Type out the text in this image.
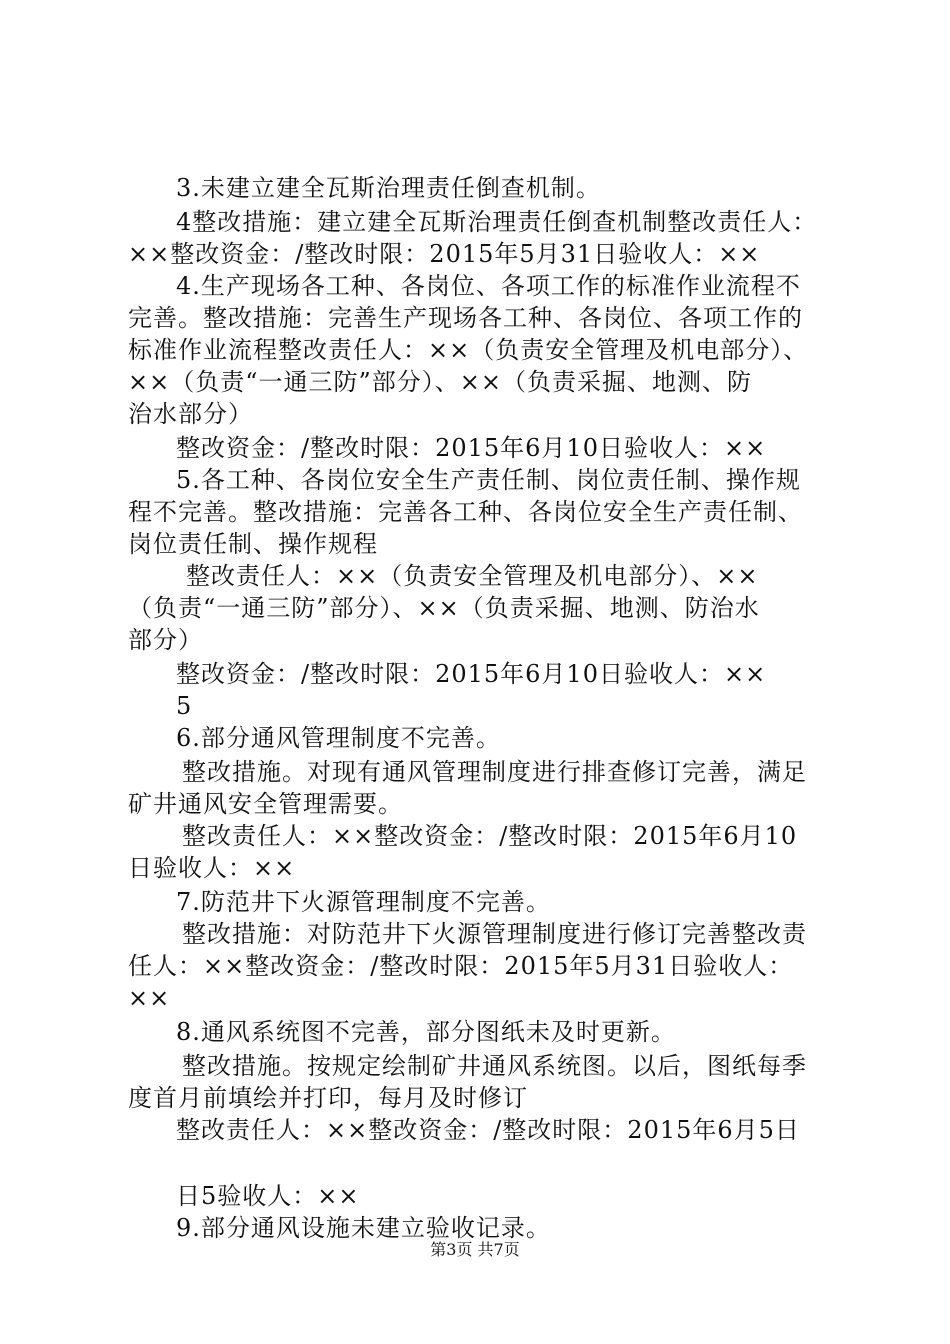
3.未建立建全瓦斯治理责任倒查机制。
4整改措施：建立建全瓦斯治理责任倒查机制整改责任人：
××整改资金：/整改时限：2015年5月31日验收人：××
4.生产现场各工种、各岗位、各项工作的标准作业流程不
完善。整改措施：完善生产现场各工种、各岗位、各项工作的
标准作业流程整改责任人：××（负责安全管理及机电部分）、
××（负责“一通三防”部分）、××（负责采掘、地测、防
治水部分）
整改资金：/整改时限：2015年6月10日验收人：××
5.各工种、各岗位安全生产责任制、岗位责任制、操作规
程不完善。整改措施：完善各工种、各岗位安全生产责任制、
岗位责任制、操作规程
整改责任人：××（负责安全管理及机电部分）、××
（负责“一通三防”部分）、××（负责采掘、地测、防治水
部分）
整改资金：/整改时限：2015年6月10日验收人：××
5
6.部分通风管理制度不完善。
整改措施。对现有通风管理制度进行排查修订完善，满足
矿井通风安全管理需要。
整改责任人：××整改资金：/整改时限：2015年6月10
日验收人：××
7.防范井下火源管理制度不完善。
整改措施：对防范井下火源管理制度进行修订完善整改责
任人：××整改资金：/整改时限：2015年5月31日验收人：
××
8.通风系统图不完善，部分图纸未及时更新。
整改措施。按规定绘制矿井通风系统图。以后，图纸每季
度首月前填绘并打印，每月及时修订
整改责任人：××整改资金：/整改时限：2015年6月5日
日5验收人：××
9.部分通风设施未建立验收记录。
第3页 共7页
